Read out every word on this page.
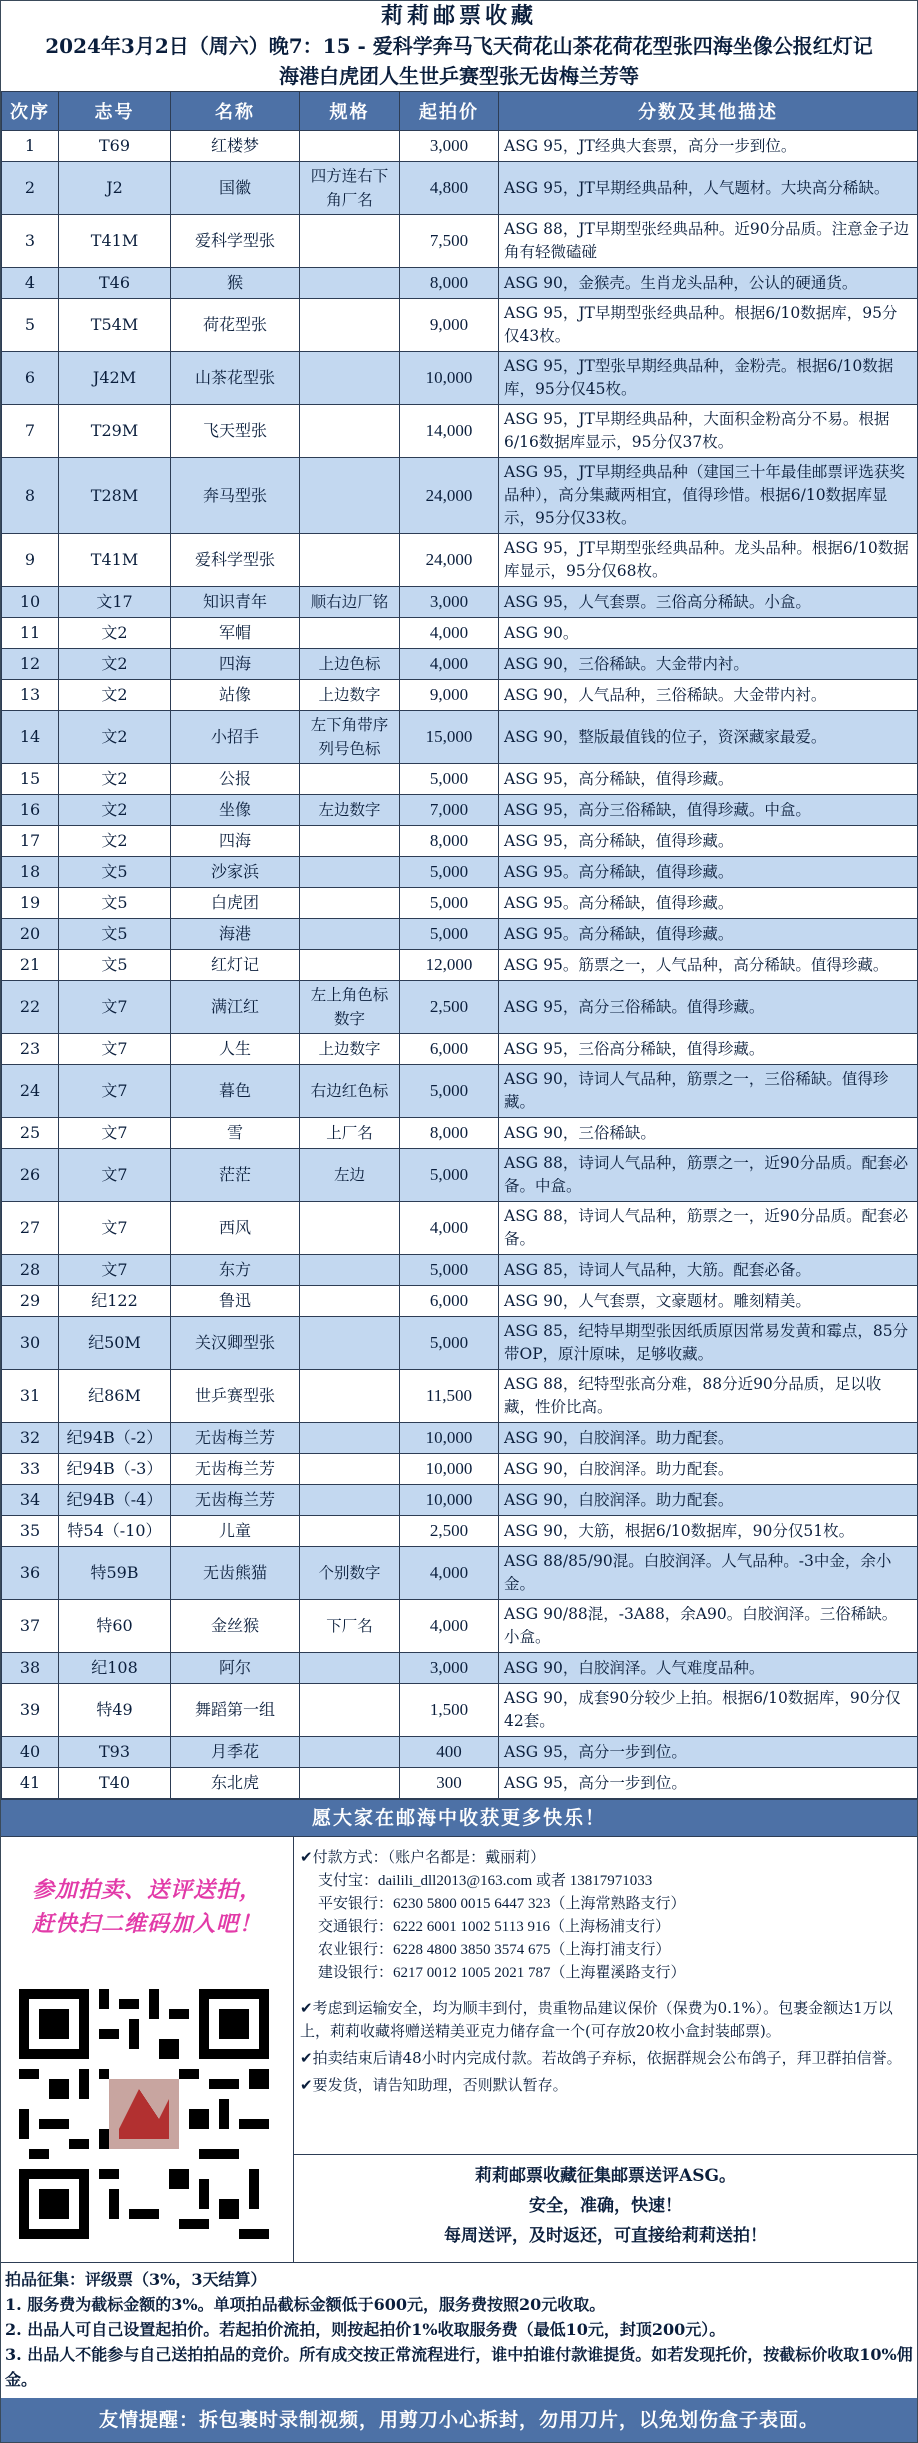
莉莉邮票收藏
2024年3月2日（周六）晚7：15 - 爱科学奔马飞天荷花山茶花荷花型张四海坐像公报红灯记
海港白虎团人生世乒赛型张无齿梅兰芳等
次序	志号	名称	规格	起拍价	分数及其他描述
1	T69	红楼梦		3,000	ASG 95，JT经典大套票，高分一步到位。
2	J2	国徽	四方连右下角厂名	4,800	ASG 95，JT早期经典品种，人气题材。大块高分稀缺。
3	T41M	爱科学型张		7,500	ASG 88，JT早期型张经典品种。近90分品质。注意金子边角有轻微磕碰
4	T46	猴		8,000	ASG 90，金猴壳。生肖龙头品种，公认的硬通货。
5	T54M	荷花型张		9,000	ASG 95，JT早期型张经典品种。根据6/10数据库，95分仅43枚。
6	J42M	山茶花型张		10,000	ASG 95，JT型张早期经典品种，金粉壳。根据6/10数据库，95分仅45枚。
7	T29M	飞天型张		14,000	ASG 95，JT早期经典品种，大面积金粉高分不易。根据6/16数据库显示，95分仅37枚。
8	T28M	奔马型张		24,000	ASG 95，JT早期经典品种（建国三十年最佳邮票评选获奖品种），高分集藏两相宜，值得珍惜。根据6/10数据库显示，95分仅33枚。
9	T41M	爱科学型张		24,000	ASG 95，JT早期型张经典品种。龙头品种。根据6/10数据库显示，95分仅68枚。
10	文17	知识青年	顺右边厂铭	3,000	ASG 95，人气套票。三俗高分稀缺。小盒。
11	文2	军帽		4,000	ASG 90。
12	文2	四海	上边色标	4,000	ASG 90，三俗稀缺。大金带内衬。
13	文2	站像	上边数字	9,000	ASG 90，人气品种，三俗稀缺。大金带内衬。
14	文2	小招手	左下角带序列号色标	15,000	ASG 90，整版最值钱的位子，资深藏家最爱。
15	文2	公报		5,000	ASG 95，高分稀缺，值得珍藏。
16	文2	坐像	左边数字	7,000	ASG 95，高分三俗稀缺，值得珍藏。中盒。
17	文2	四海		8,000	ASG 95，高分稀缺，值得珍藏。
18	文5	沙家浜		5,000	ASG 95。高分稀缺，值得珍藏。
19	文5	白虎团		5,000	ASG 95。高分稀缺，值得珍藏。
20	文5	海港		5,000	ASG 95。高分稀缺，值得珍藏。
21	文5	红灯记		12,000	ASG 95。筋票之一，人气品种，高分稀缺。值得珍藏。
22	文7	满江红	左上角色标数字	2,500	ASG 95，高分三俗稀缺。值得珍藏。
23	文7	人生	上边数字	6,000	ASG 95，三俗高分稀缺，值得珍藏。
24	文7	暮色	右边红色标	5,000	ASG 90，诗词人气品种，筋票之一，三俗稀缺。值得珍藏。
25	文7	雪	上厂名	8,000	ASG 90，三俗稀缺。
26	文7	茫茫	左边	5,000	ASG 88，诗词人气品种，筋票之一，近90分品质。配套必备。中盒。
27	文7	西风		4,000	ASG 88，诗词人气品种，筋票之一，近90分品质。配套必备。
28	文7	东方		5,000	ASG 85，诗词人气品种，大筋。配套必备。
29	纪122	鲁迅		6,000	ASG 90，人气套票，文豪题材。雕刻精美。
30	纪50M	关汉卿型张		5,000	ASG 85，纪特早期型张因纸质原因常易发黄和霉点，85分带OP，原汁原味，足够收藏。
31	纪86M	世乒赛型张		11,500	ASG 88，纪特型张高分难，88分近90分品质，足以收藏，性价比高。
32	纪94B（-2）	无齿梅兰芳		10,000	ASG 90，白胶润泽。助力配套。
33	纪94B（-3）	无齿梅兰芳		10,000	ASG 90，白胶润泽。助力配套。
34	纪94B（-4）	无齿梅兰芳		10,000	ASG 90，白胶润泽。助力配套。
35	特54（-10）	儿童		2,500	ASG 90，大筋，根据6/10数据库，90分仅51枚。
36	特59B	无齿熊猫	个别数字	4,000	ASG 88/85/90混。白胶润泽。人气品种。-3中金，余小金。
37	特60	金丝猴	下厂名	4,000	ASG 90/88混，-3A88，余A90。白胶润泽。三俗稀缺。小盒。
38	纪108	阿尔		3,000	ASG 90，白胶润泽。人气难度品种。
39	特49	舞蹈第一组		1,500	ASG 90，成套90分较少上拍。根据6/10数据库，90分仅42套。
40	T93	月季花		400	ASG 95，高分一步到位。
41	T40	东北虎		300	ASG 95，高分一步到位。
愿大家在邮海中收获更多快乐！
参加拍卖、送评送拍，
赶快扫二维码加入吧！
✔付款方式：（账户名都是：戴丽莉）
支付宝：dailili_dll2013@163.com 或者 13817971033
平安银行：6230 5800 0015 6447 323（上海常熟路支行）
交通银行：6222 6001 1002 5113 916（上海杨浦支行）
农业银行：6228 4800 3850 3574 675（上海打浦支行）
建设银行：6217 0012 1005 2021 787（上海瞿溪路支行）

✔考虑到运输安全，均为顺丰到付，贵重物品建议保价（保费为0.1%）。包裹金额达1万以上，莉莉收藏将赠送精美亚克力储存盒一个(可存放20枚小盒封装邮票)。

✔拍卖结束后请48小时内完成付款。若故鸽子弃标，依据群规会公布鸽子，拜卫群拍信誉。

✔要发货，请告知助理，否则默认暂存。

莉莉邮票收藏征集邮票送评ASG。
安全，准确，快速！
每周送评，及时返还，可直接给莉莉送拍！
拍品征集：评级票（3%，3天结算）
1. 服务费为截标金额的3%。单项拍品截标金额低于600元，服务费按照20元收取。
2. 出品人可自己设置起拍价。若起拍价流拍，则按起拍价1%收取服务费（最低10元，封顶200元）。
3. 出品人不能参与自己送拍拍品的竞价。所有成交按正常流程进行，谁中拍谁付款谁提货。如若发现托价，按截标价收取10%佣金。
友情提醒：拆包裹时录制视频，用剪刀小心拆封，勿用刀片，以免划伤盒子表面。
